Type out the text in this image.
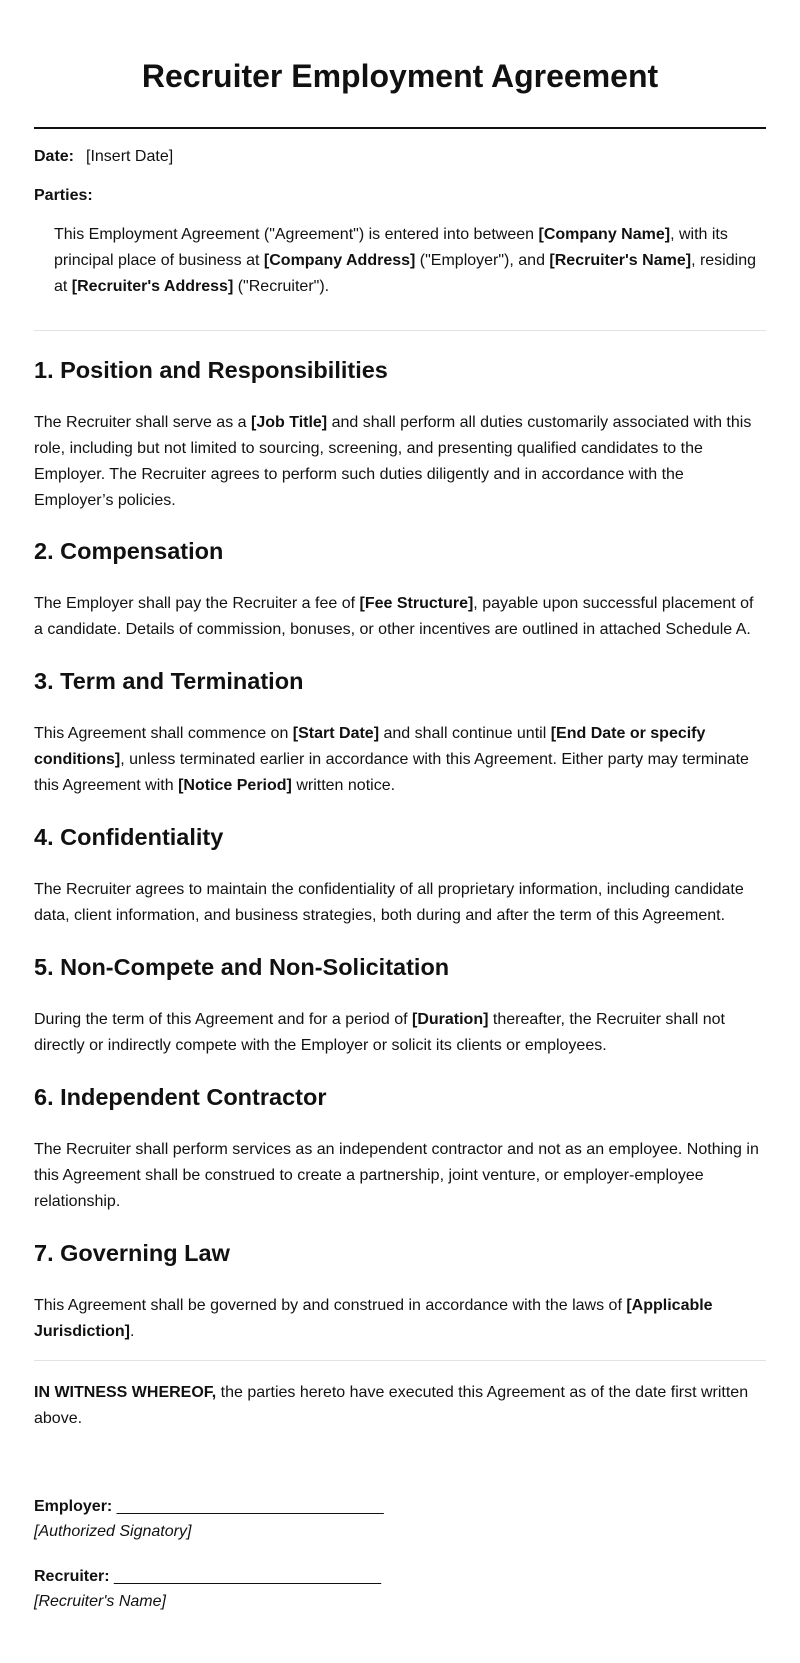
Recruiter Employment Agreement

Date: [Insert Date]

Parties:

This Employment Agreement ("Agreement") is entered into between [Company Name], with its principal place of business at [Company Address] ("Employer"), and [Recruiter's Name], residing at [Recruiter's Address] ("Recruiter").

1. Position and Responsibilities

The Recruiter shall serve as a [Job Title] and shall perform all duties customarily associated with this role, including but not limited to sourcing, screening, and presenting qualified candidates to the Employer. The Recruiter agrees to perform such duties diligently and in accordance with the Employer’s policies.

2. Compensation

The Employer shall pay the Recruiter a fee of [Fee Structure], payable upon successful placement of a candidate. Details of commission, bonuses, or other incentives are outlined in attached Schedule A.

3. Term and Termination

This Agreement shall commence on [Start Date] and shall continue until [End Date or specify conditions], unless terminated earlier in accordance with this Agreement. Either party may terminate this Agreement with [Notice Period] written notice.

4. Confidentiality

The Recruiter agrees to maintain the confidentiality of all proprietary information, including candidate data, client information, and business strategies, both during and after the term of this Agreement.

5. Non-Compete and Non-Solicitation

During the term of this Agreement and for a period of [Duration] thereafter, the Recruiter shall not directly or indirectly compete with the Employer or solicit its clients or employees.

6. Independent Contractor

The Recruiter shall perform services as an independent contractor and not as an employee. Nothing in this Agreement shall be construed to create a partnership, joint venture, or employer-employee relationship.

7. Governing Law

This Agreement shall be governed by and construed in accordance with the laws of [Applicable Jurisdiction].

IN WITNESS WHEREOF, the parties hereto have executed this Agreement as of the date first written above.

Employer: ______________________________

[Authorized Signatory]

Recruiter: ______________________________

[Recruiter's Name]
